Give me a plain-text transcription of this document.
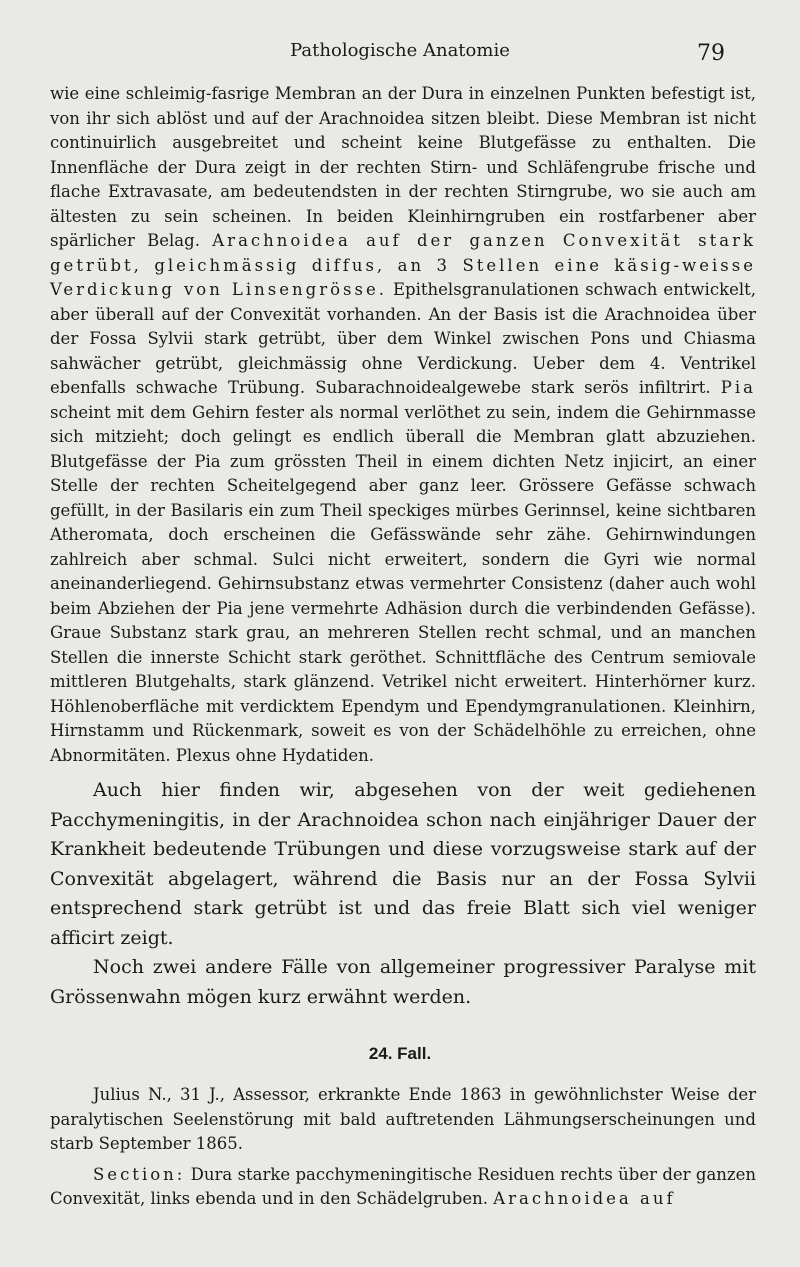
Pathologische Anatomie	79

wie eine schleimig-fasrige Membran an der Dura in einzelnen Punkten befestigt ist, von ihr sich ablöst und auf der Arachnoidea sitzen bleibt. Diese Membran ist nicht continuirlich ausgebreitet und scheint keine Blutgefässe zu enthalten. Die Innenfläche der Dura zeigt in der rechten Stirn- und Schläfengrube frische und flache Extravasate, am bedeutendsten in der rechten Stirngrube, wo sie auch am ältesten zu sein scheinen. In beiden Kleinhirngruben ein rostfarbener aber spärlicher Belag. Arachnoidea auf der ganzen Convexität stark getrübt, gleichmässig diffus, an 3 Stellen eine käsig-weisse Verdickung von Linsengrösse. Epithelsgranulationen schwach entwickelt, aber überall auf der Convexität vorhanden. An der Basis ist die Arachnoidea über der Fossa Sylvii stark getrübt, über dem Winkel zwischen Pons und Chiasma sahwächer getrübt, gleichmässig ohne Verdickung. Ueber dem 4. Ventrikel ebenfalls schwache Trübung. Subarachnoidealgewebe stark serös infiltrirt. Pia scheint mit dem Gehirn fester als normal verlöthet zu sein, indem die Gehirnmasse sich mitzieht; doch gelingt es endlich überall die Membran glatt abzuziehen. Blutgefässe der Pia zum grössten Theil in einem dichten Netz injicirt, an einer Stelle der rechten Scheitelgegend aber ganz leer. Grössere Gefässe schwach gefüllt, in der Basilaris ein zum Theil speckiges mürbes Gerinnsel, keine sichtbaren Atheromata, doch erscheinen die Gefässwände sehr zähe. Gehirnwindungen zahlreich aber schmal. Sulci nicht erweitert, sondern die Gyri wie normal aneinanderliegend. Gehirnsubstanz etwas vermehrter Consistenz (daher auch wohl beim Abziehen der Pia jene vermehrte Adhäsion durch die verbindenden Gefässe). Graue Substanz stark grau, an mehreren Stellen recht schmal, und an manchen Stellen die innerste Schicht stark geröthet. Schnittfläche des Centrum semiovale mittleren Blutgehalts, stark glänzend. Vetrikel nicht erweitert. Hinterhörner kurz. Höhlenoberfläche mit verdicktem Ependym und Ependymgranulationen. Kleinhirn, Hirnstamm und Rückenmark, soweit es von der Schädelhöhle zu erreichen, ohne Abnormitäten. Plexus ohne Hydatiden.

Auch hier finden wir, abgesehen von der weit gediehenen Pacchymeningitis, in der Arachnoidea schon nach einjähriger Dauer der Krankheit bedeutende Trübungen und diese vorzugsweise stark auf der Convexität abgelagert, während die Basis nur an der Fossa Sylvii entsprechend stark getrübt ist und das freie Blatt sich viel weniger afficirt zeigt.

Noch zwei andere Fälle von allgemeiner progressiver Paralyse mit Grössenwahn mögen kurz erwähnt werden.

24. Fall.

Julius N., 31 J., Assessor, erkrankte Ende 1863 in gewöhnlichster Weise der paralytischen Seelenstörung mit bald auftretenden Lähmungserscheinungen und starb September 1865.

Section: Dura starke pacchymeningitische Residuen rechts über der ganzen Convexität, links ebenda und in den Schädelgruben. Arachnoidea auf
